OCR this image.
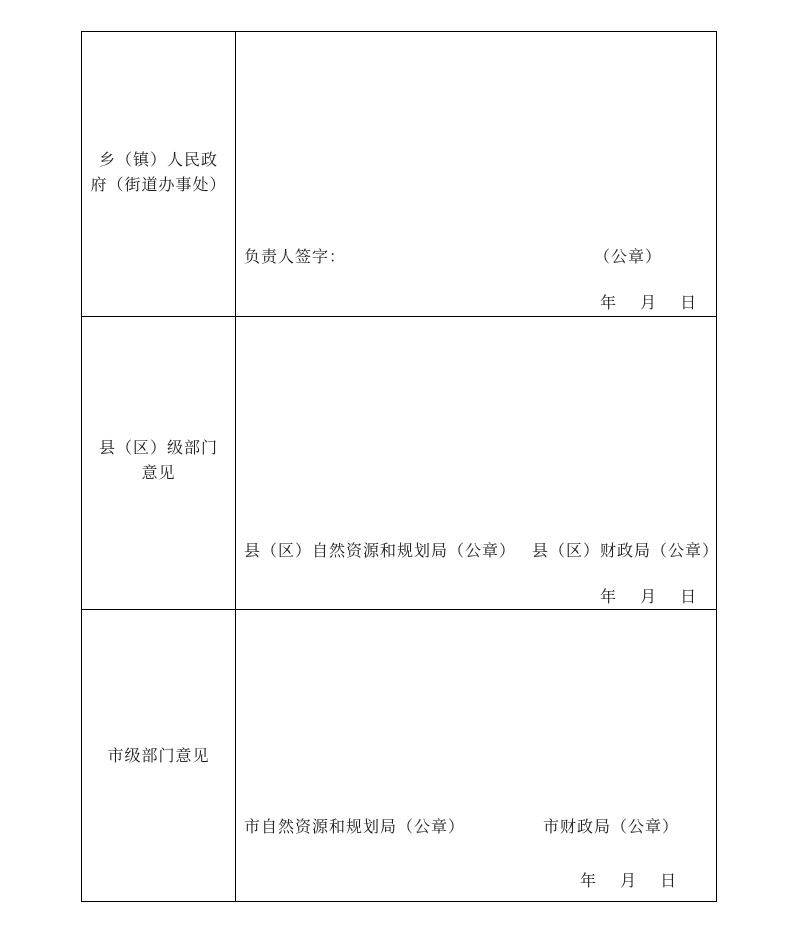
乡（镇）人民政
府（街道办事处）
负责人签字：	（公章）
年　 月　 日
县（区）级部门
意见
县（区）自然资源和规划局（公章） 县（区）财政局（公章）
年　 月　 日
市级部门意见
市自然资源和规划局（公章）	市财政局（公章）
年　 月　 日
